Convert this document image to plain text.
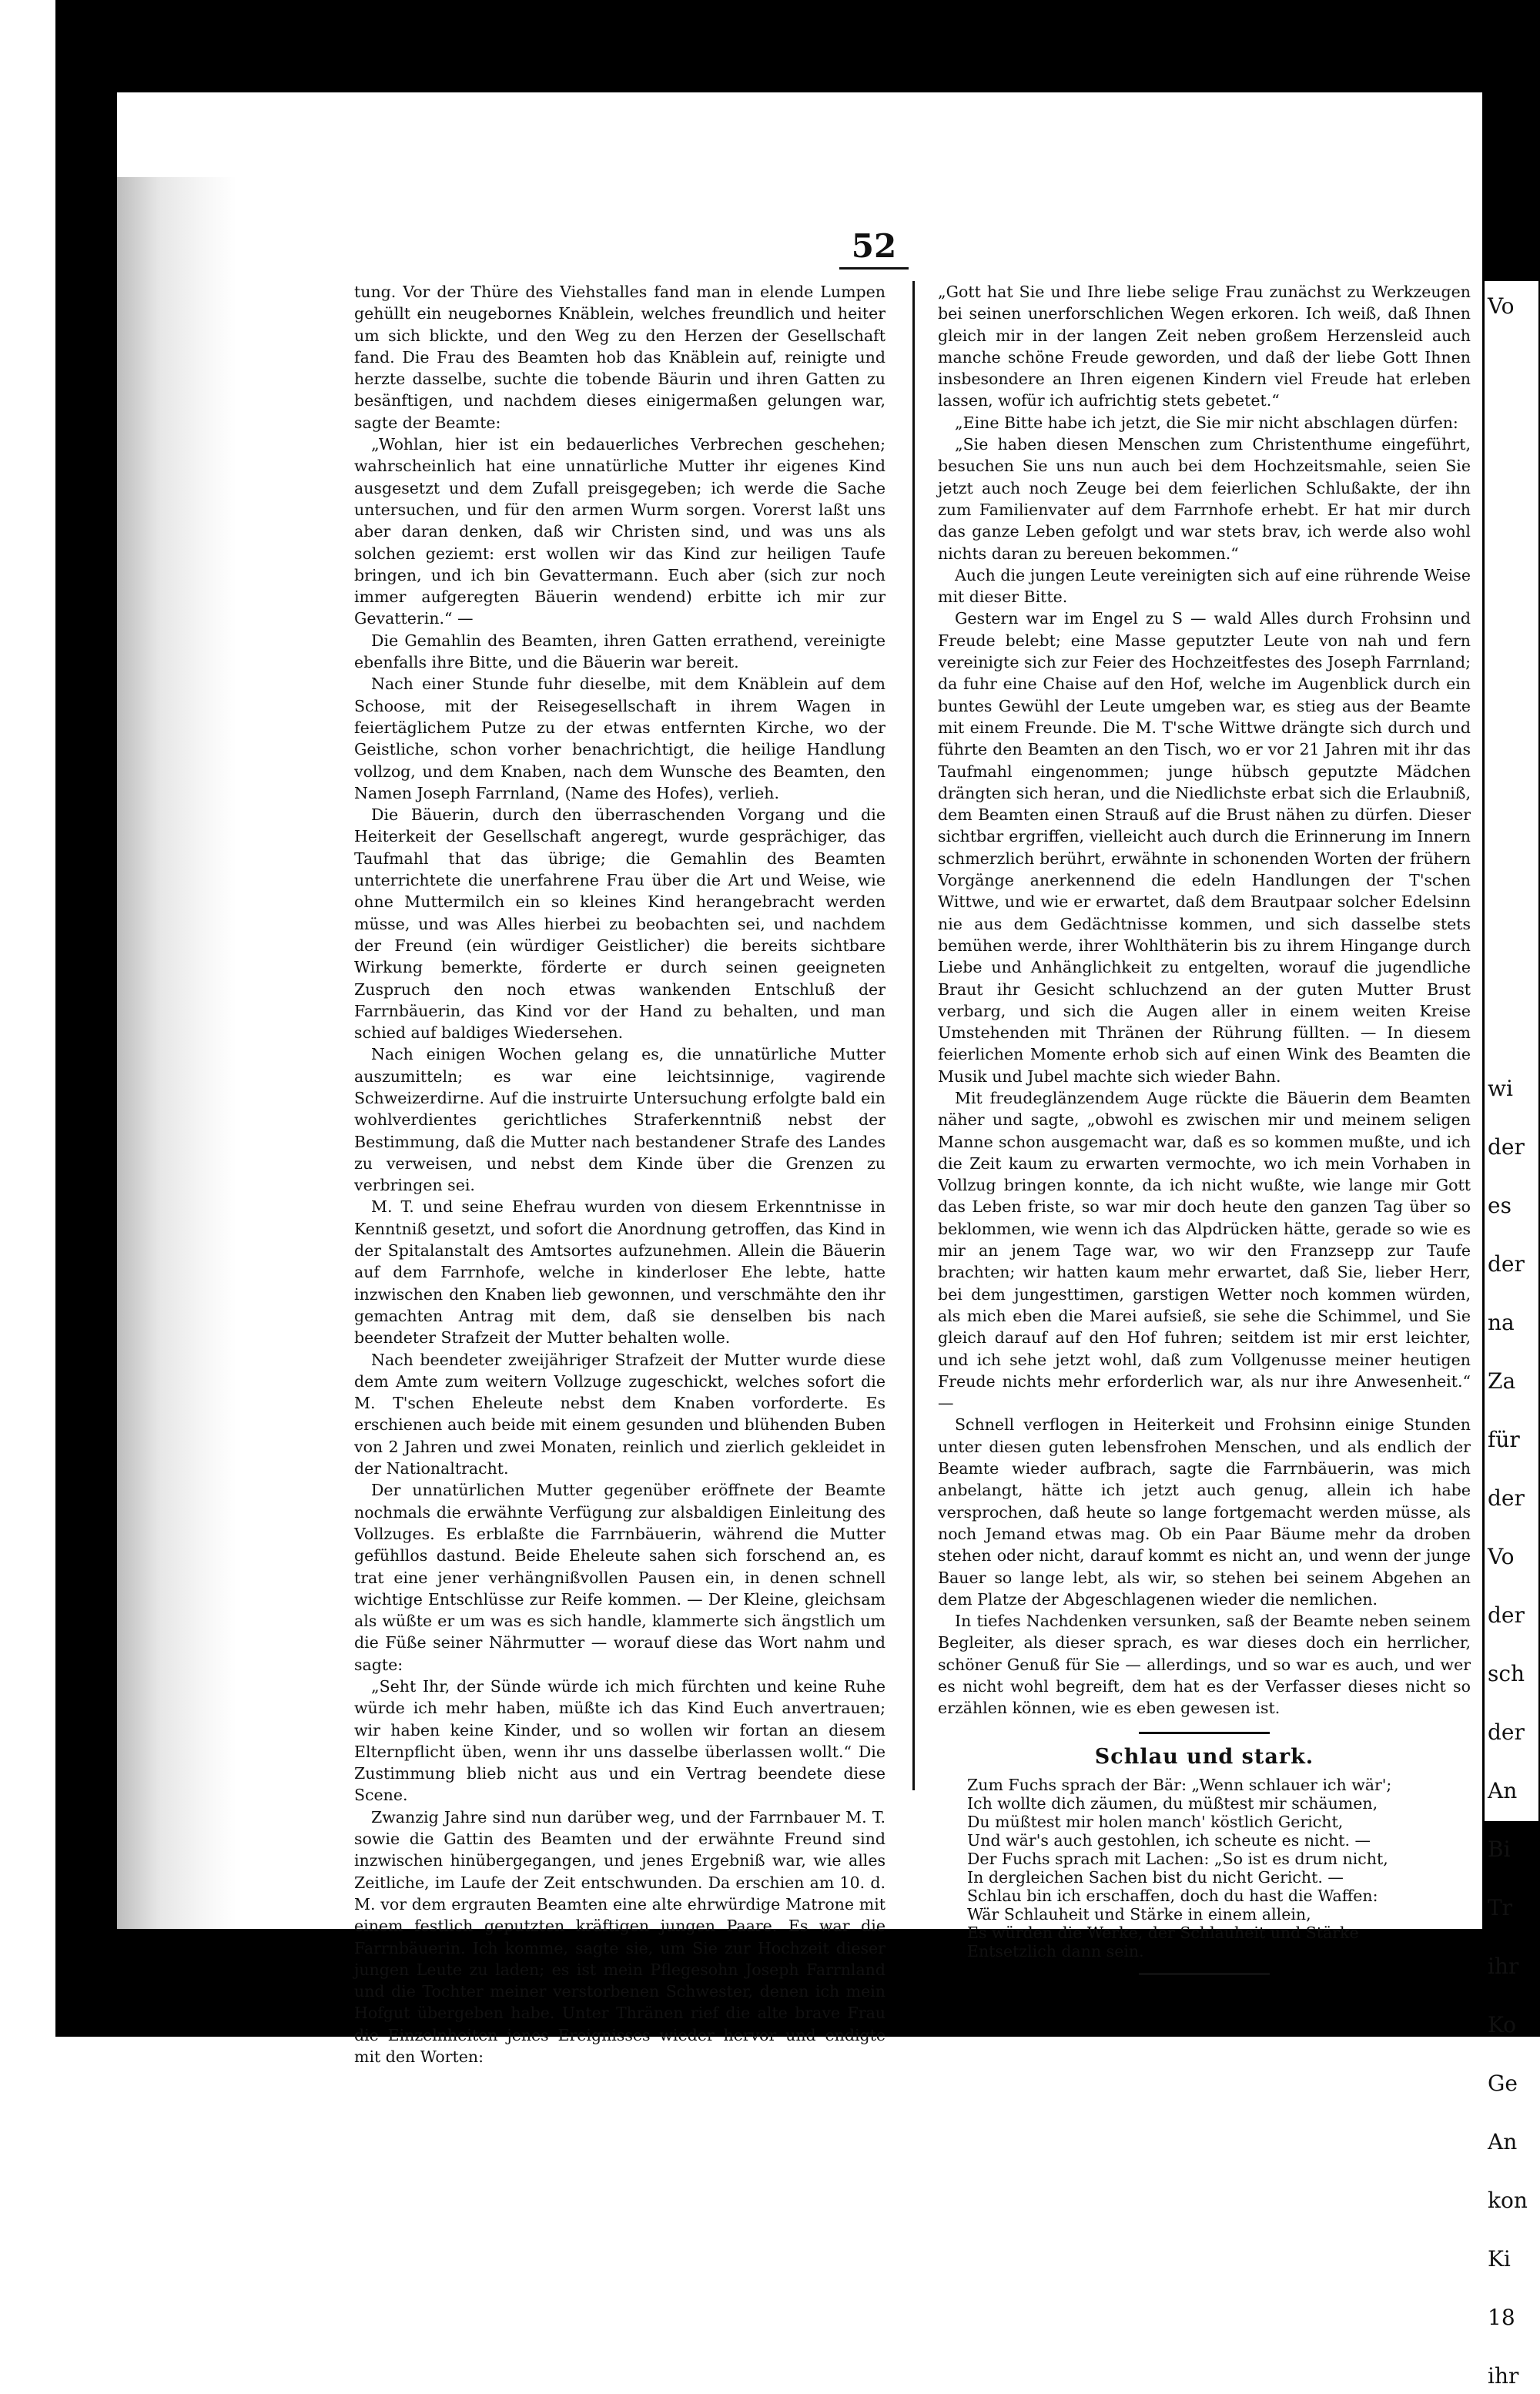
52

tung. Vor der Thüre des Viehstalles fand man in elende Lumpen gehüllt ein neugebornes Knäblein, welches freundlich und heiter um sich blickte, und den Weg zu den Herzen der Gesellschaft fand. Die Frau des Beamten hob das Knäblein auf, reinigte und herzte dasselbe, suchte die tobende Bäurin und ihren Gatten zu besänftigen, und nachdem dieses einigermaßen gelungen war, sagte der Beamte:

„Wohlan, hier ist ein bedauerliches Verbrechen geschehen; wahrscheinlich hat eine unnatürliche Mutter ihr eigenes Kind ausgesetzt und dem Zufall preisgegeben; ich werde die Sache untersuchen, und für den armen Wurm sorgen. Vorerst laßt uns aber daran denken, daß wir Christen sind, und was uns als solchen geziemt: erst wollen wir das Kind zur heiligen Taufe bringen, und ich bin Gevattermann. Euch aber (sich zur noch immer aufgeregten Bäuerin wendend) erbitte ich mir zur Gevatterin.“ —

Die Gemahlin des Beamten, ihren Gatten errathend, vereinigte ebenfalls ihre Bitte, und die Bäuerin war bereit.

Nach einer Stunde fuhr dieselbe, mit dem Knäblein auf dem Schoose, mit der Reisegesellschaft in ihrem Wagen in feiertäglichem Putze zu der etwas entfernten Kirche, wo der Geistliche, schon vorher benachrichtigt, die heilige Handlung vollzog, und dem Knaben, nach dem Wunsche des Beamten, den Namen Joseph Farrnland, (Name des Hofes), verlieh.

Die Bäuerin, durch den überraschenden Vorgang und die Heiterkeit der Gesellschaft angeregt, wurde gesprächiger, das Taufmahl that das übrige; die Gemahlin des Beamten unterrichtete die unerfahrene Frau über die Art und Weise, wie ohne Muttermilch ein so kleines Kind herangebracht werden müsse, und was Alles hierbei zu beobachten sei, und nachdem der Freund (ein würdiger Geistlicher) die bereits sichtbare Wirkung bemerkte, förderte er durch seinen geeigneten Zuspruch den noch etwas wankenden Entschluß der Farrnbäuerin, das Kind vor der Hand zu behalten, und man schied auf baldiges Wiedersehen.

Nach einigen Wochen gelang es, die unnatürliche Mutter auszumitteln; es war eine leichtsinnige, vagirende Schweizerdirne. Auf die instruirte Untersuchung erfolgte bald ein wohlverdientes gerichtliches Straferkenntniß nebst der Bestimmung, daß die Mutter nach bestandener Strafe des Landes zu verweisen, und nebst dem Kinde über die Grenzen zu verbringen sei.

M. T. und seine Ehefrau wurden von diesem Erkenntnisse in Kenntniß gesetzt, und sofort die Anordnung getroffen, das Kind in der Spitalanstalt des Amtsortes aufzunehmen. Allein die Bäuerin auf dem Farrnhofe, welche in kinderloser Ehe lebte, hatte inzwischen den Knaben lieb gewonnen, und verschmähte den ihr gemachten Antrag mit dem, daß sie denselben bis nach beendeter Strafzeit der Mutter behalten wolle.

Nach beendeter zweijähriger Strafzeit der Mutter wurde diese dem Amte zum weitern Vollzuge zugeschickt, welches sofort die M. T'schen Eheleute nebst dem Knaben vorforderte. Es erschienen auch beide mit einem gesunden und blühenden Buben von 2 Jahren und zwei Monaten, reinlich und zierlich gekleidet in der Nationaltracht.

Der unnatürlichen Mutter gegenüber eröffnete der Beamte nochmals die erwähnte Verfügung zur alsbaldigen Einleitung des Vollzuges. Es erblaßte die Farrnbäuerin, während die Mutter gefühllos dastund. Beide Eheleute sahen sich forschend an, es trat eine jener verhängnißvollen Pausen ein, in denen schnell wichtige Entschlüsse zur Reife kommen. — Der Kleine, gleichsam als wüßte er um was es sich handle, klammerte sich ängstlich um die Füße seiner Nährmutter — worauf diese das Wort nahm und sagte:

„Seht Ihr, der Sünde würde ich mich fürchten und keine Ruhe würde ich mehr haben, müßte ich das Kind Euch anvertrauen; wir haben keine Kinder, und so wollen wir fortan an diesem Elternpflicht üben, wenn ihr uns dasselbe überlassen wollt.“ Die Zustimmung blieb nicht aus und ein Vertrag beendete diese Scene.

Zwanzig Jahre sind nun darüber weg, und der Farrnbauer M. T. sowie die Gattin des Beamten und der erwähnte Freund sind inzwischen hinübergegangen, und jenes Ergebniß war, wie alles Zeitliche, im Laufe der Zeit entschwunden. Da erschien am 10. d. M. vor dem ergrauten Beamten eine alte ehrwürdige Matrone mit einem festlich geputzten kräftigen jungen Paare. Es war die Farrnbäuerin. Ich komme, sagte sie, um Sie zur Hochzeit dieser jungen Leute zu laden; es ist mein Pflegesohn Joseph Farrnland und die Tochter meiner verstorbenen Schwester, denen ich mein Hofgut übergeben habe. Unter Thränen rief die alte brave Frau die Einzelnheiten jenes Ereignisses wieder hervor und endigte mit den Worten:

„Gott hat Sie und Ihre liebe selige Frau zunächst zu Werkzeugen bei seinen unerforschlichen Wegen erkoren. Ich weiß, daß Ihnen gleich mir in der langen Zeit neben großem Herzensleid auch manche schöne Freude geworden, und daß der liebe Gott Ihnen insbesondere an Ihren eigenen Kindern viel Freude hat erleben lassen, wofür ich aufrichtig stets gebetet.“

„Eine Bitte habe ich jetzt, die Sie mir nicht abschlagen dürfen:

„Sie haben diesen Menschen zum Christenthume eingeführt, besuchen Sie uns nun auch bei dem Hochzeitsmahle, seien Sie jetzt auch noch Zeuge bei dem feierlichen Schlußakte, der ihn zum Familienvater auf dem Farrnhofe erhebt. Er hat mir durch das ganze Leben gefolgt und war stets brav, ich werde also wohl nichts daran zu bereuen bekommen.“

Auch die jungen Leute vereinigten sich auf eine rührende Weise mit dieser Bitte.

Gestern war im Engel zu S — wald Alles durch Frohsinn und Freude belebt; eine Masse geputzter Leute von nah und fern vereinigte sich zur Feier des Hochzeitfestes des Joseph Farrnland; da fuhr eine Chaise auf den Hof, welche im Augenblick durch ein buntes Gewühl der Leute umgeben war, es stieg aus der Beamte mit einem Freunde. Die M. T'sche Wittwe drängte sich durch und führte den Beamten an den Tisch, wo er vor 21 Jahren mit ihr das Taufmahl eingenommen; junge hübsch geputzte Mädchen drängten sich heran, und die Niedlichste erbat sich die Erlaubniß, dem Beamten einen Strauß auf die Brust nähen zu dürfen. Dieser sichtbar ergriffen, vielleicht auch durch die Erinnerung im Innern schmerzlich berührt, erwähnte in schonenden Worten der frühern Vorgänge anerkennend die edeln Handlungen der T'schen Wittwe, und wie er erwartet, daß dem Brautpaar solcher Edelsinn nie aus dem Gedächtnisse kommen, und sich dasselbe stets bemühen werde, ihrer Wohlthäterin bis zu ihrem Hingange durch Liebe und Anhänglichkeit zu entgelten, worauf die jugendliche Braut ihr Gesicht schluchzend an der guten Mutter Brust verbarg, und sich die Augen aller in einem weiten Kreise Umstehenden mit Thränen der Rührung füllten. — In diesem feierlichen Momente erhob sich auf einen Wink des Beamten die Musik und Jubel machte sich wieder Bahn.

Mit freudeglänzendem Auge rückte die Bäuerin dem Beamten näher und sagte, „obwohl es zwischen mir und meinem seligen Manne schon ausgemacht war, daß es so kommen mußte, und ich die Zeit kaum zu erwarten vermochte, wo ich mein Vorhaben in Vollzug bringen konnte, da ich nicht wußte, wie lange mir Gott das Leben friste, so war mir doch heute den ganzen Tag über so beklommen, wie wenn ich das Alpdrücken hätte, gerade so wie es mir an jenem Tage war, wo wir den Franzsepp zur Taufe brachten; wir hatten kaum mehr erwartet, daß Sie, lieber Herr, bei dem jungesttimen, garstigen Wetter noch kommen würden, als mich eben die Marei aufsieß, sie sehe die Schimmel, und Sie gleich darauf auf den Hof fuhren; seitdem ist mir erst leichter, und ich sehe jetzt wohl, daß zum Vollgenusse meiner heutigen Freude nichts mehr erforderlich war, als nur ihre Anwesenheit.“ —

Schnell verflogen in Heiterkeit und Frohsinn einige Stunden unter diesen guten lebensfrohen Menschen, und als endlich der Beamte wieder aufbrach, sagte die Farrnbäuerin, was mich anbelangt, hätte ich jetzt auch genug, allein ich habe versprochen, daß heute so lange fortgemacht werden müsse, als noch Jemand etwas mag. Ob ein Paar Bäume mehr da droben stehen oder nicht, darauf kommt es nicht an, und wenn der junge Bauer so lange lebt, als wir, so stehen bei seinem Abgehen an dem Platze der Abgeschlagenen wieder die nemlichen.

In tiefes Nachdenken versunken, saß der Beamte neben seinem Begleiter, als dieser sprach, es war dieses doch ein herrlicher, schöner Genuß für Sie — allerdings, und so war es auch, und wer es nicht wohl begreift, dem hat es der Verfasser dieses nicht so erzählen können, wie es eben gewesen ist.

Schlau und stark.
Zum Fuchs sprach der Bär: „Wenn schlauer ich wär';
Ich wollte dich zäumen, du müßtest mir schäumen,
Du müßtest mir holen manch' köstlich Gericht,
Und wär's auch gestohlen, ich scheute es nicht. —
Der Fuchs sprach mit Lachen: „So ist es drum nicht,
In dergleichen Sachen bist du nicht Gericht. —
Schlau bin ich erschaffen, doch du hast die Waffen:
Wär Schlauheit und Stärke in einem allein,
Es würden die Werke, der Schlauheit und Stärke
Entsetzlich dann sein.
Vo
wi
der
es
der
na
Za
für
der
Vo
der
sch
der
An
Bi
Tr
ihr
Ko
Ge
An
kon
Ki
18
ihr
